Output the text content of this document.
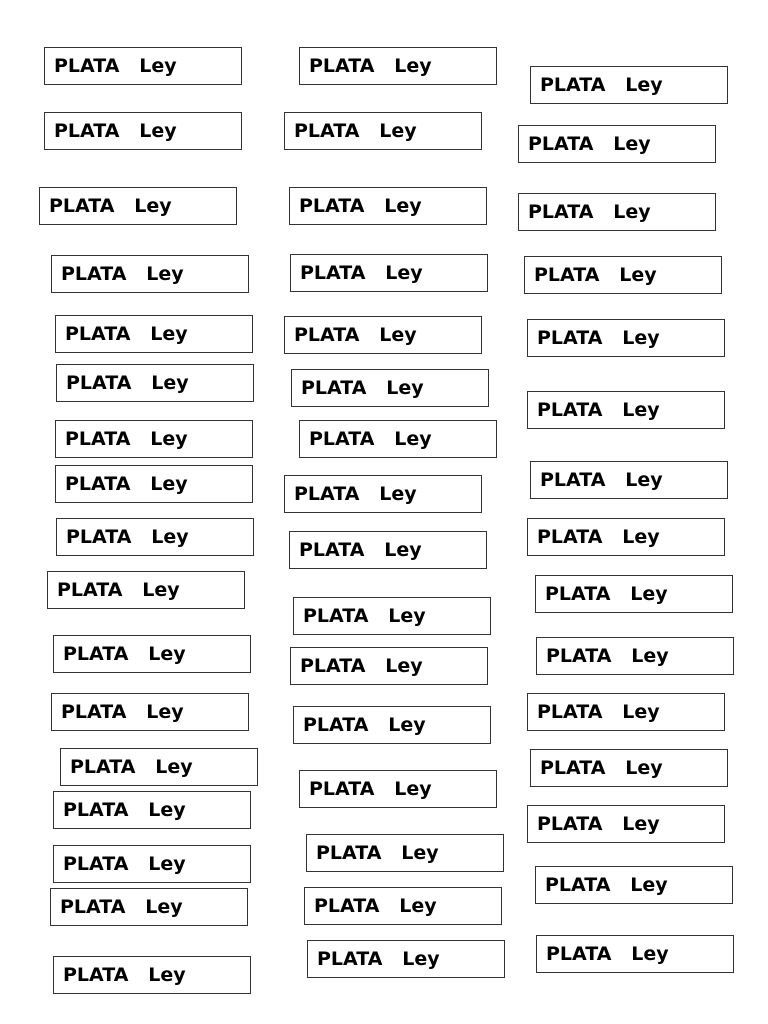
PLATA   Ley
PLATA   Ley
PLATA   Ley
PLATA   Ley
PLATA   Ley
PLATA   Ley
PLATA   Ley
PLATA   Ley
PLATA   Ley
PLATA   Ley
PLATA   Ley
PLATA   Ley
PLATA   Ley
PLATA   Ley
PLATA   Ley
PLATA   Ley
PLATA   Ley
PLATA   Ley
PLATA   Ley
PLATA   Ley
PLATA   Ley
PLATA   Ley
PLATA   Ley
PLATA   Ley
PLATA   Ley
PLATA   Ley
PLATA   Ley
PLATA   Ley
PLATA   Ley
PLATA   Ley
PLATA   Ley
PLATA   Ley
PLATA   Ley
PLATA   Ley
PLATA   Ley
PLATA   Ley
PLATA   Ley
PLATA   Ley
PLATA   Ley
PLATA   Ley
PLATA   Ley
PLATA   Ley
PLATA   Ley
PLATA   Ley
PLATA   Ley
PLATA   Ley
PLATA   Ley
PLATA   Ley
